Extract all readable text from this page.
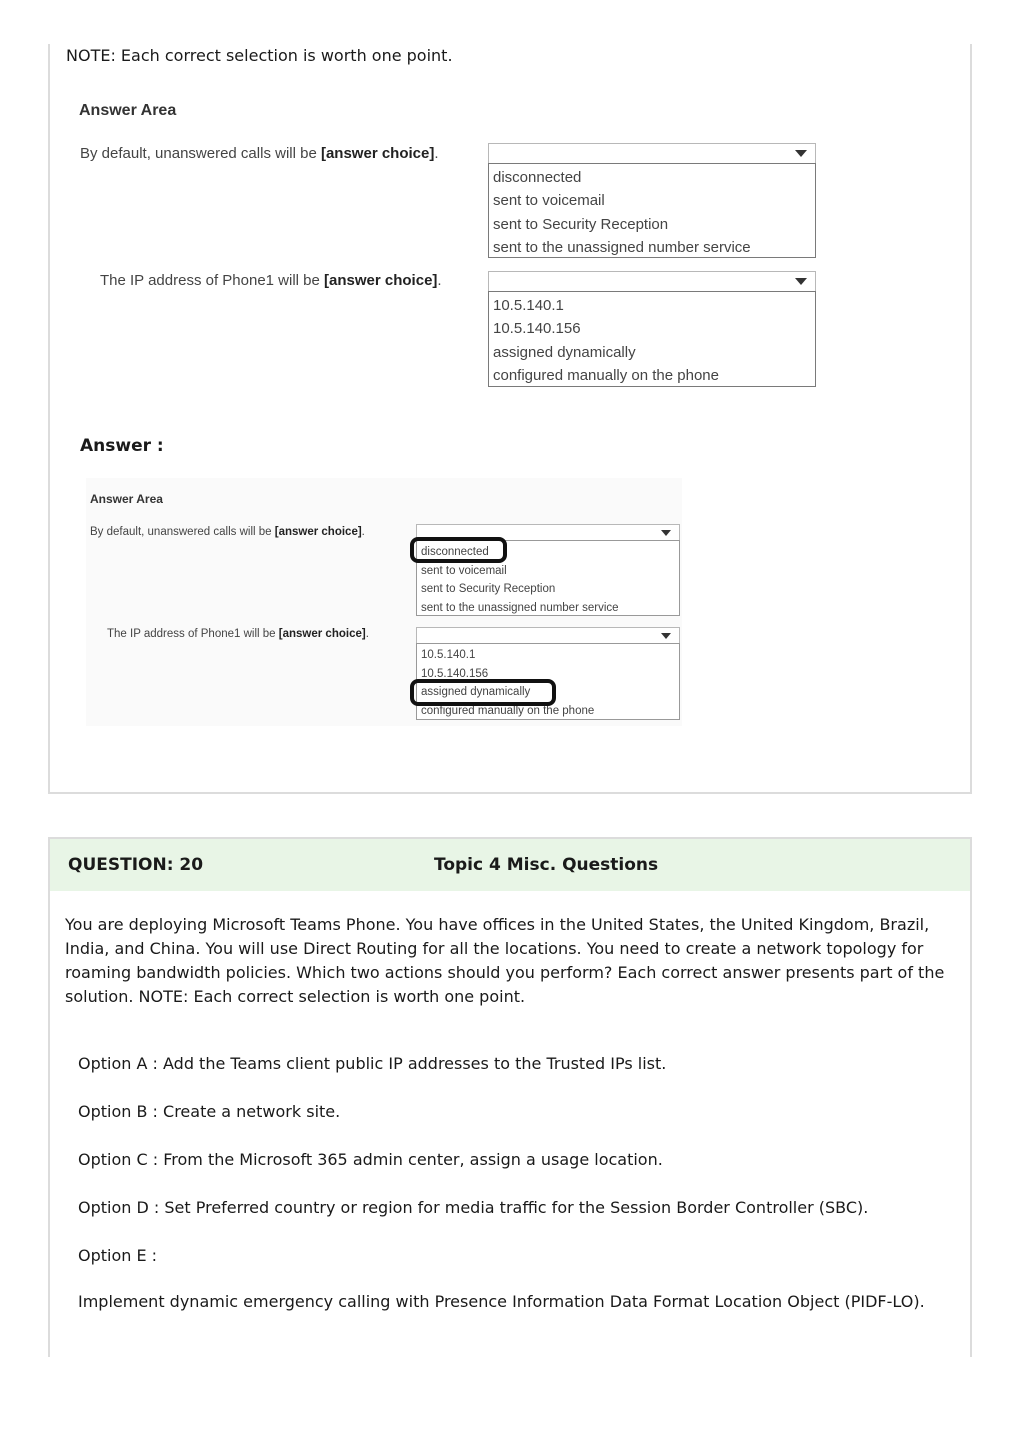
NOTE: Each correct selection is worth one point.
Answer Area
By default, unanswered calls will be [answer choice].
disconnected
sent to voicemail
sent to Security Reception
sent to the unassigned number service
The IP address of Phone1 will be [answer choice].
10.5.140.1
10.5.140.156
assigned dynamically
configured manually on the phone
Answer :
Answer Area
By default, unanswered calls will be [answer choice].
disconnected
sent to voicemail
sent to Security Reception
sent to the unassigned number service
The IP address of Phone1 will be [answer choice].
10.5.140.1
10.5.140.156
assigned dynamically
configured manually on the phone
QUESTION: 20	Topic 4 Misc. Questions
You are deploying Microsoft Teams Phone. You have offices in the United States, the United Kingdom, Brazil, India, and China. You will use Direct Routing for all the locations. You need to create a network topology for roaming bandwidth policies. Which two actions should you perform? Each correct answer presents part of the solution. NOTE: Each correct selection is worth one point.
Option A : Add the Teams client public IP addresses to the Trusted IPs list.
Option B : Create a network site.
Option C : From the Microsoft 365 admin center, assign a usage location.
Option D : Set Preferred country or region for media traffic for the Session Border Controller (SBC).
Option E :
Implement dynamic emergency calling with Presence Information Data Format Location Object (PIDF-LO).
